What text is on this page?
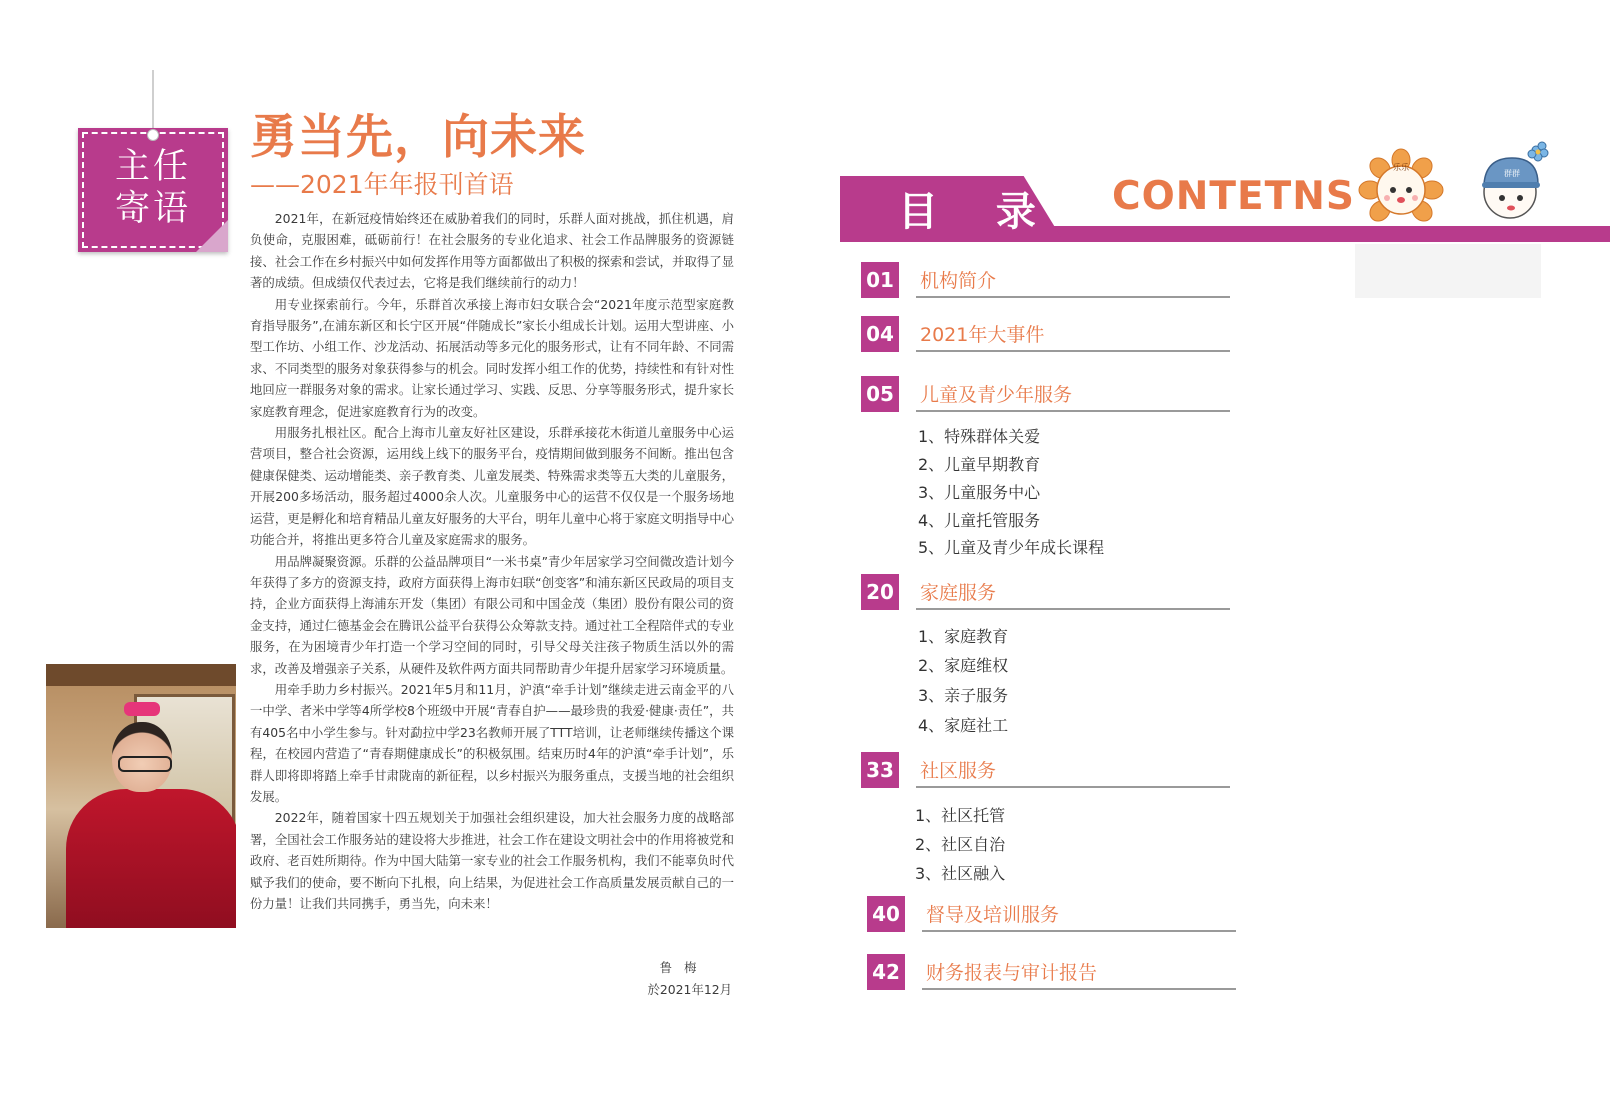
主任
寄语
勇当先，向未来
——2021年年报刊首语

2021年，在新冠疫情始终还在威胁着我们的同时，乐群人面对挑战，抓住机遇，肩负使命，克服困难，砥砺前行！在社会服务的专业化追求、社会工作品牌服务的资源链接、社会工作在乡村振兴中如何发挥作用等方面都做出了积极的探索和尝试，并取得了显著的成绩。但成绩仅代表过去，它将是我们继续前行的动力！

用专业探索前行。今年，乐群首次承接上海市妇女联合会“2021年度示范型家庭教育指导服务”,在浦东新区和长宁区开展“伴随成长”家长小组成长计划。运用大型讲座、小型工作坊、小组工作、沙龙活动、拓展活动等多元化的服务形式，让有不同年龄、不同需求、不同类型的服务对象获得参与的机会。同时发挥小组工作的优势，持续性和有针对性地回应一群服务对象的需求。让家长通过学习、实践、反思、分享等服务形式，提升家长家庭教育理念，促进家庭教育行为的改变。

用服务扎根社区。配合上海市儿童友好社区建设，乐群承接花木街道儿童服务中心运营项目，整合社会资源，运用线上线下的服务平台，疫情期间做到服务不间断。推出包含健康保健类、运动增能类、亲子教育类、儿童发展类、特殊需求类等五大类的儿童服务，开展200多场活动，服务超过4000余人次。儿童服务中心的运营不仅仅是一个服务场地运营，更是孵化和培育精品儿童友好服务的大平台，明年儿童中心将于家庭文明指导中心功能合并，将推出更多符合儿童及家庭需求的服务。

用品牌凝聚资源。乐群的公益品牌项目“一米书桌”青少年居家学习空间微改造计划今年获得了多方的资源支持，政府方面获得上海市妇联“创变客”和浦东新区民政局的项目支持，企业方面获得上海浦东开发（集团）有限公司和中国金茂（集团）股份有限公司的资金支持，通过仁德基金会在腾讯公益平台获得公众筹款支持。通过社工全程陪伴式的专业服务，在为困境青少年打造一个学习空间的同时，引导父母关注孩子物质生活以外的需求，改善及增强亲子关系，从硬件及软件两方面共同帮助青少年提升居家学习环境质量。

用牵手助力乡村振兴。2021年5月和11月，沪滇“牵手计划”继续走进云南金平的八一中学、者米中学等4所学校8个班级中开展“青春自护——最珍贵的我爱·健康·责任”，共有405名中小学生参与。针对勐拉中学23名教师开展了TTT培训，让老师继续传播这个课程，在校园内营造了“青春期健康成长”的积极氛围。结束历时4年的沪滇“牵手计划”，乐群人即将即将踏上牵手甘肃陇南的新征程，以乡村振兴为服务重点，支援当地的社会组织发展。

2022年，随着国家十四五规划关于加强社会组织建设，加大社会服务力度的战略部署，全国社会工作服务站的建设将大步推进，社会工作在建设文明社会中的作用将被党和政府、老百姓所期待。作为中国大陆第一家专业的社会工作服务机构，我们不能辜负时代赋予我们的使命，要不断向下扎根，向上结果，为促进社会工作高质量发展贡献自己的一份力量！让我们共同携手，勇当先，向未来！

鲁 梅
於2021年12月
目 录 CONTETNS
乐乐
群群
01 机构简介
04 2021年大事件
05 儿童及青少年服务
1、特殊群体关爱
2、儿童早期教育
3、儿童服务中心
4、儿童托管服务
5、儿童及青少年成长课程
20 家庭服务
1、家庭教育
2、家庭维权
3、亲子服务
4、家庭社工
33 社区服务
1、社区托管
2、社区自治
3、社区融入
40 督导及培训服务
42 财务报表与审计报告
